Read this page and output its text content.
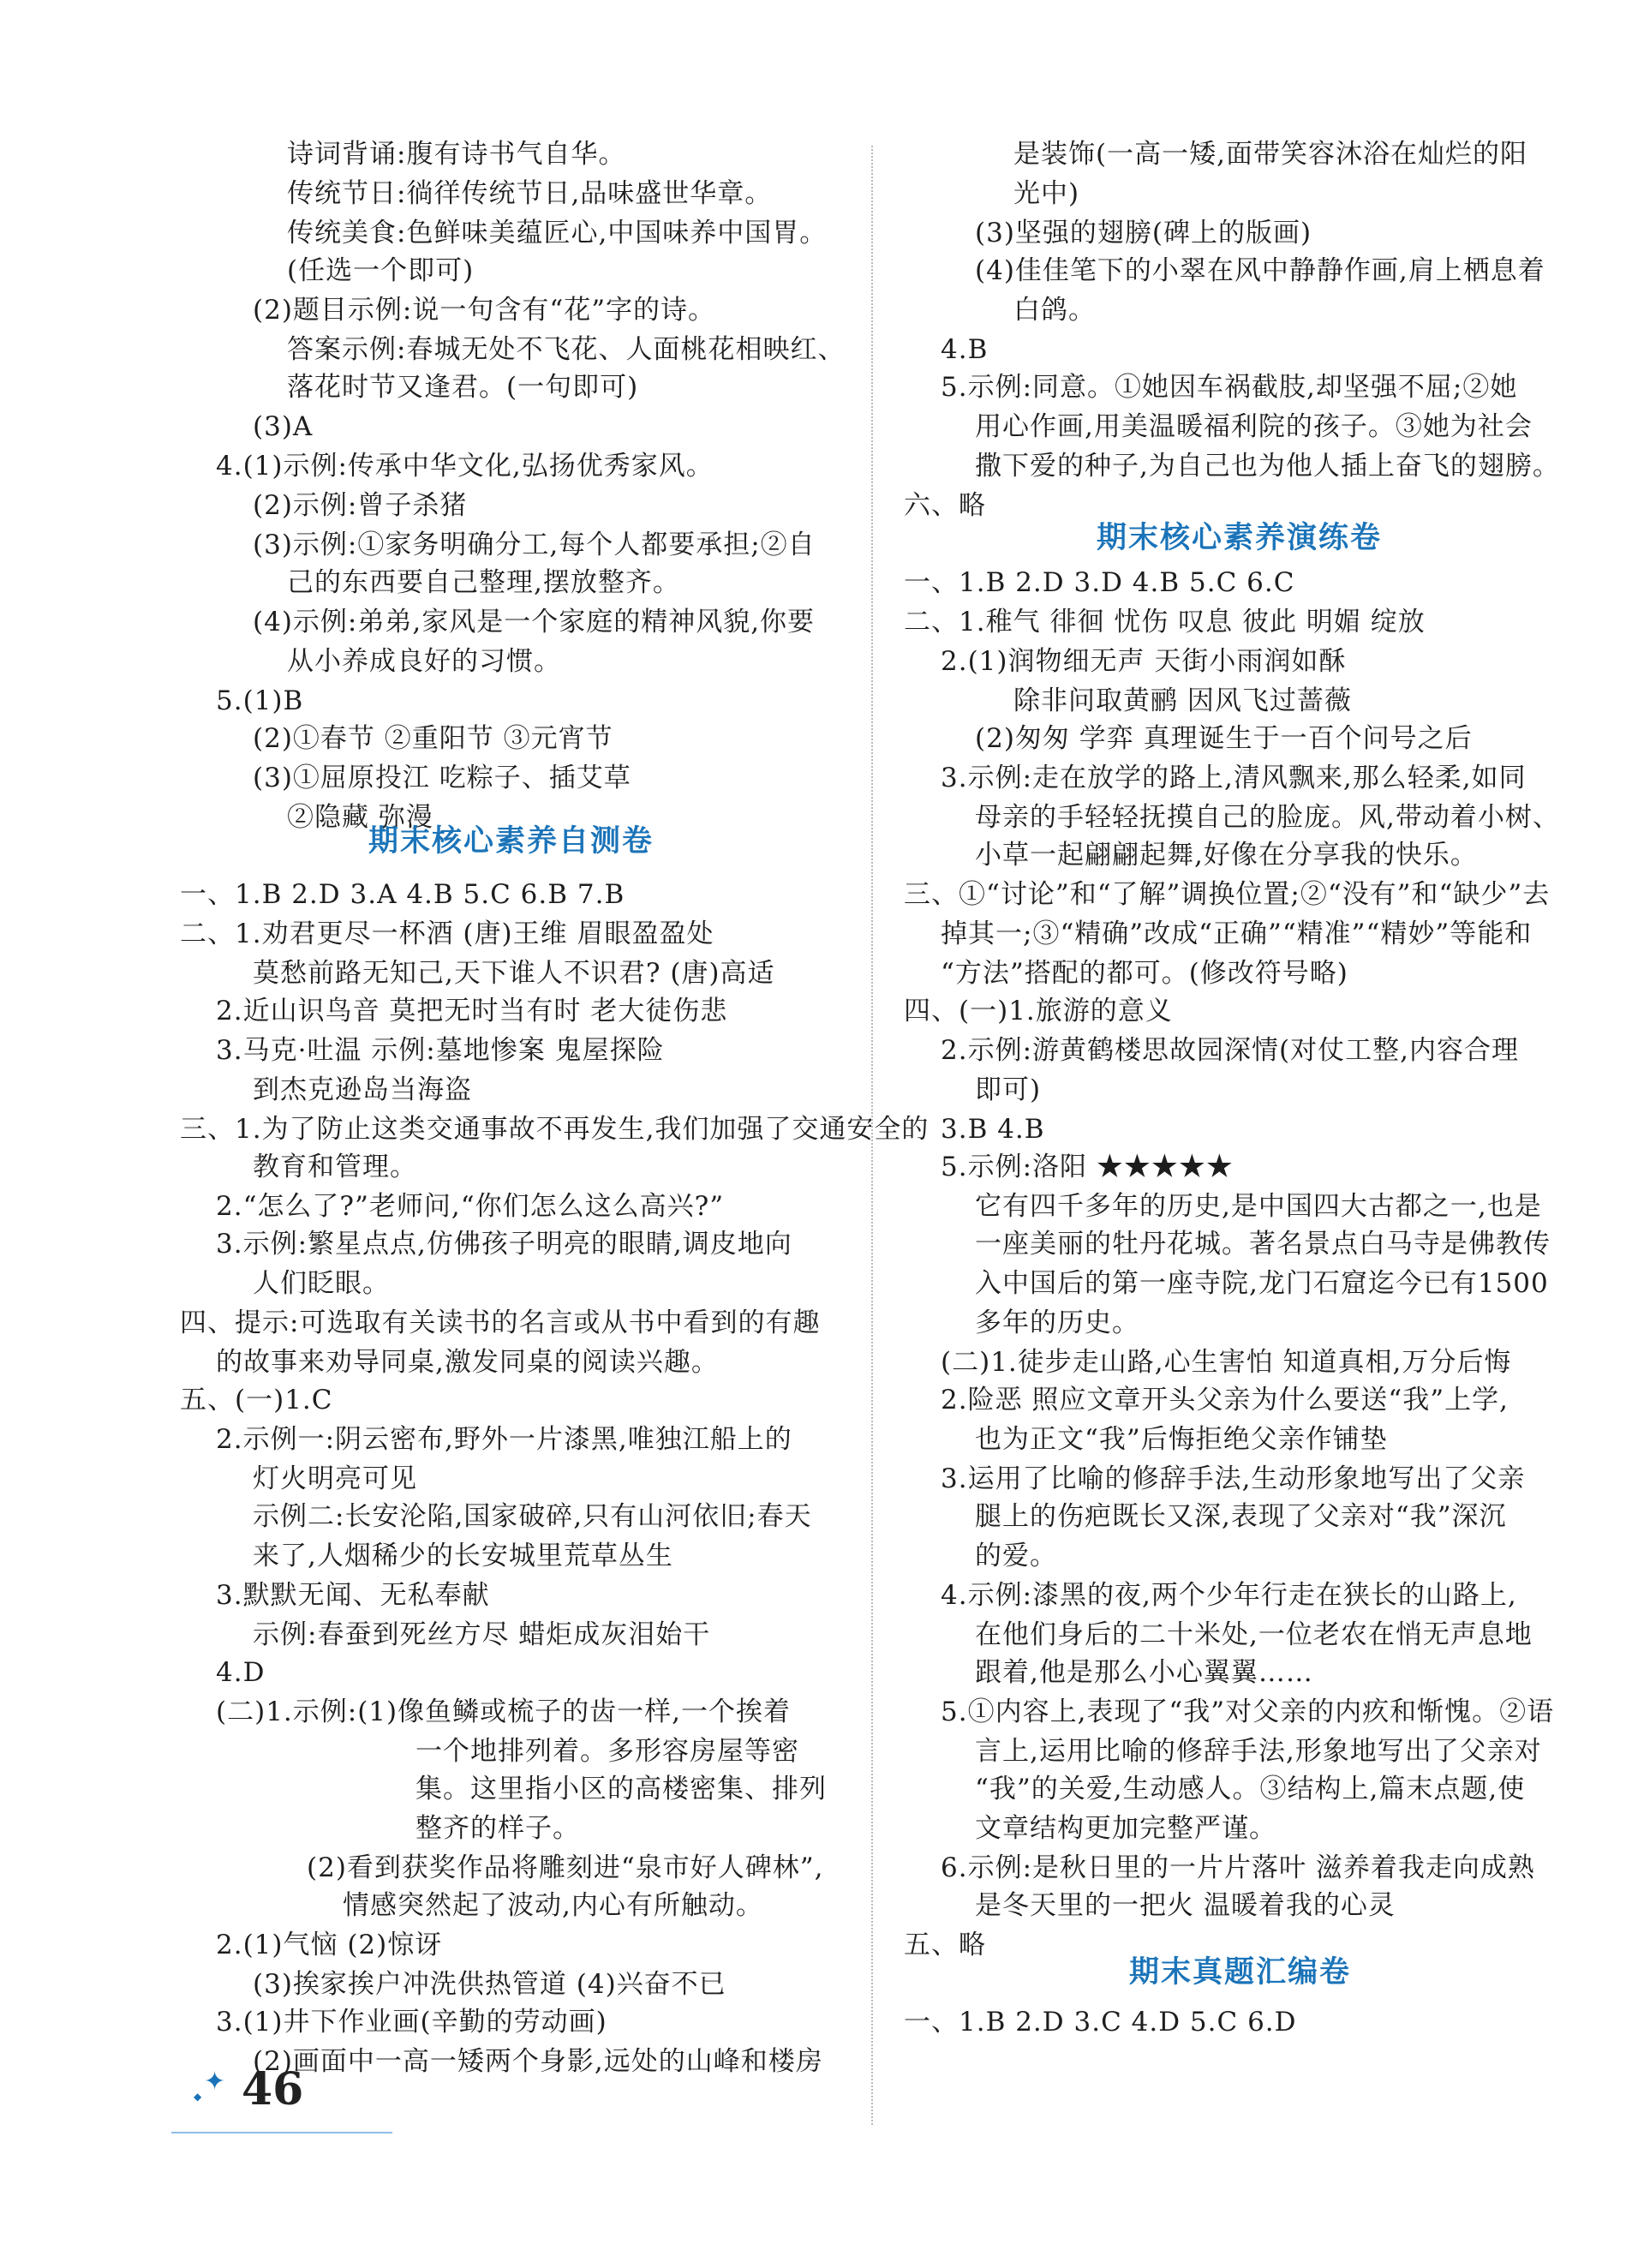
诗词背诵:腹有诗书气自华。
传统节日:徜徉传统节日,品味盛世华章。
传统美食:色鲜味美蕴匠心,中国味养中国胃。
(任选一个即可)
(2)题目示例:说一句含有“花”字的诗。
答案示例:春城无处不飞花、人面桃花相映红、
落花时节又逢君。(一句即可)
(3)A
4.(1)示例:传承中华文化,弘扬优秀家风。
(2)示例:曾子杀猪
(3)示例:①家务明确分工,每个人都要承担;②自
己的东西要自己整理,摆放整齐。
(4)示例:弟弟,家风是一个家庭的精神风貌,你要
从小养成良好的习惯。
5.(1)B
(2)①春节 ②重阳节 ③元宵节
(3)①屈原投江 吃粽子、插艾草
②隐藏 弥漫
一、1.B 2.D 3.A 4.B 5.C 6.B 7.B
二、1.劝君更尽一杯酒 (唐)王维 眉眼盈盈处
莫愁前路无知己,天下谁人不识君? (唐)高适
2.近山识鸟音 莫把无时当有时 老大徒伤悲
3.马克·吐温 示例:墓地惨案 鬼屋探险
到杰克逊岛当海盗
三、1.为了防止这类交通事故不再发生,我们加强了交通安全的
教育和管理。
2.“怎么了?”老师问,“你们怎么这么高兴?”
3.示例:繁星点点,仿佛孩子明亮的眼睛,调皮地向
人们眨眼。
四、提示:可选取有关读书的名言或从书中看到的有趣
的故事来劝导同桌,激发同桌的阅读兴趣。
五、(一)1.C
2.示例一:阴云密布,野外一片漆黑,唯独江船上的
灯火明亮可见
示例二:长安沦陷,国家破碎,只有山河依旧;春天
来了,人烟稀少的长安城里荒草丛生
3.默默无闻、无私奉献
示例:春蚕到死丝方尽 蜡炬成灰泪始干
4.D
(二)1.示例:(1)像鱼鳞或梳子的齿一样,一个挨着
一个地排列着。多形容房屋等密
集。这里指小区的高楼密集、排列
整齐的样子。
(2)看到获奖作品将雕刻进“泉市好人碑林”,
情感突然起了波动,内心有所触动。
2.(1)气恼 (2)惊讶
(3)挨家挨户冲洗供热管道 (4)兴奋不已
3.(1)井下作业画(辛勤的劳动画)
(2)画面中一高一矮两个身影,远处的山峰和楼房
是装饰(一高一矮,面带笑容沐浴在灿烂的阳
光中)
(3)坚强的翅膀(碑上的版画)
(4)佳佳笔下的小翠在风中静静作画,肩上栖息着
白鸽。
4.B
5.示例:同意。①她因车祸截肢,却坚强不屈;②她
用心作画,用美温暖福利院的孩子。③她为社会
撒下爱的种子,为自己也为他人插上奋飞的翅膀。
六、略
一、1.B 2.D 3.D 4.B 5.C 6.C
二、1.稚气 徘徊 忧伤 叹息 彼此 明媚 绽放
2.(1)润物细无声 天街小雨润如酥
除非问取黄鹂 因风飞过蔷薇
(2)匆匆 学弈 真理诞生于一百个问号之后
3.示例:走在放学的路上,清风飘来,那么轻柔,如同
母亲的手轻轻抚摸自己的脸庞。风,带动着小树、
小草一起翩翩起舞,好像在分享我的快乐。
三、①“讨论”和“了解”调换位置;②“没有”和“缺少”去
掉其一;③“精确”改成“正确”“精准”“精妙”等能和
“方法”搭配的都可。(修改符号略)
四、(一)1.旅游的意义
2.示例:游黄鹤楼思故园深情(对仗工整,内容合理
即可)
3.B 4.B
5.示例:洛阳 ★★★★★
它有四千多年的历史,是中国四大古都之一,也是
一座美丽的牡丹花城。著名景点白马寺是佛教传
入中国后的第一座寺院,龙门石窟迄今已有1500
多年的历史。
(二)1.徒步走山路,心生害怕 知道真相,万分后悔
2.险恶 照应文章开头父亲为什么要送“我”上学,
也为正文“我”后悔拒绝父亲作铺垫
3.运用了比喻的修辞手法,生动形象地写出了父亲
腿上的伤疤既长又深,表现了父亲对“我”深沉
的爱。
4.示例:漆黑的夜,两个少年行走在狭长的山路上,
在他们身后的二十米处,一位老农在悄无声息地
跟着,他是那么小心翼翼……
5.①内容上,表现了“我”对父亲的内疚和惭愧。②语
言上,运用比喻的修辞手法,形象地写出了父亲对
“我”的关爱,生动感人。③结构上,篇末点题,使
文章结构更加完整严谨。
6.示例:是秋日里的一片片落叶 滋养着我走向成熟
是冬天里的一把火 温暖着我的心灵
五、略
一、1.B 2.D 3.C 4.D 5.C 6.D
期末核心素养自测卷
期末核心素养演练卷
期末真题汇编卷
◆ ✦ 46
